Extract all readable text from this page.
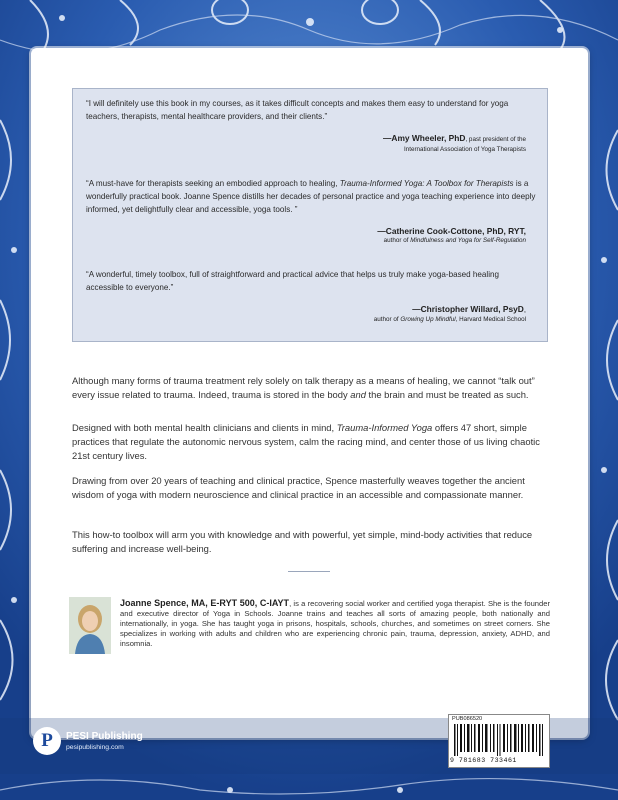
“I will definitely use this book in my courses, as it takes difficult concepts and makes them easy to understand for yoga teachers, therapists, mental healthcare providers, and their clients.”

—Amy Wheeler, PhD, past president of the
International Association of Yoga Therapists

“A must-have for therapists seeking an embodied approach to healing, Trauma-Informed Yoga: A Toolbox for Therapists is a wonderfully practical book. Joanne Spence distills her decades of personal practice and yoga teaching experience into deeply informed, yet delightfully clear and accessible, yoga tools. ”

—Catherine Cook-Cottone, PhD, RYT,
author of Mindfulness and Yoga for Self-Regulation

“A wonderful, timely toolbox, full of straightforward and practical advice that helps us truly make yoga-based healing accessible to everyone.”

—Christopher Willard, PsyD,
author of Growing Up Mindful, Harvard Medical School

Although many forms of trauma treatment rely solely on talk therapy as a means of healing, we cannot “talk out” every issue related to trauma. Indeed, trauma is stored in the body and the brain and must be treated as such.

Designed with both mental health clinicians and clients in mind, Trauma-Informed Yoga offers 47 short, simple practices that regulate the autonomic nervous system, calm the racing mind, and center those of us living chaotic 21st century lives.

Drawing from over 20 years of teaching and clinical practice, Spence masterfully weaves together the ancient wisdom of yoga with modern neuroscience and clinical practice in an accessible and compassionate manner.

This how-to toolbox will arm you with knowledge and with powerful, yet simple, mind-body activities that reduce suffering and increase well-being.

Joanne Spence, MA, E-RYT 500, C-IAYT, is a recovering social worker and certified yoga therapist. She is the founder and executive director of Yoga in Schools. Joanne trains and teaches all sorts of amazing people, both nationally and internationally, in yoga. She has taught yoga in prisons, hospitals, schools, churches, and sometimes on street corners. She specializes in working with adults and children who are experiencing chronic pain, trauma, depression, anxiety, ADHD, and insomnia.

P	PESI Publishing
pesipublishing.com
PUB086520
9 781683 733461
